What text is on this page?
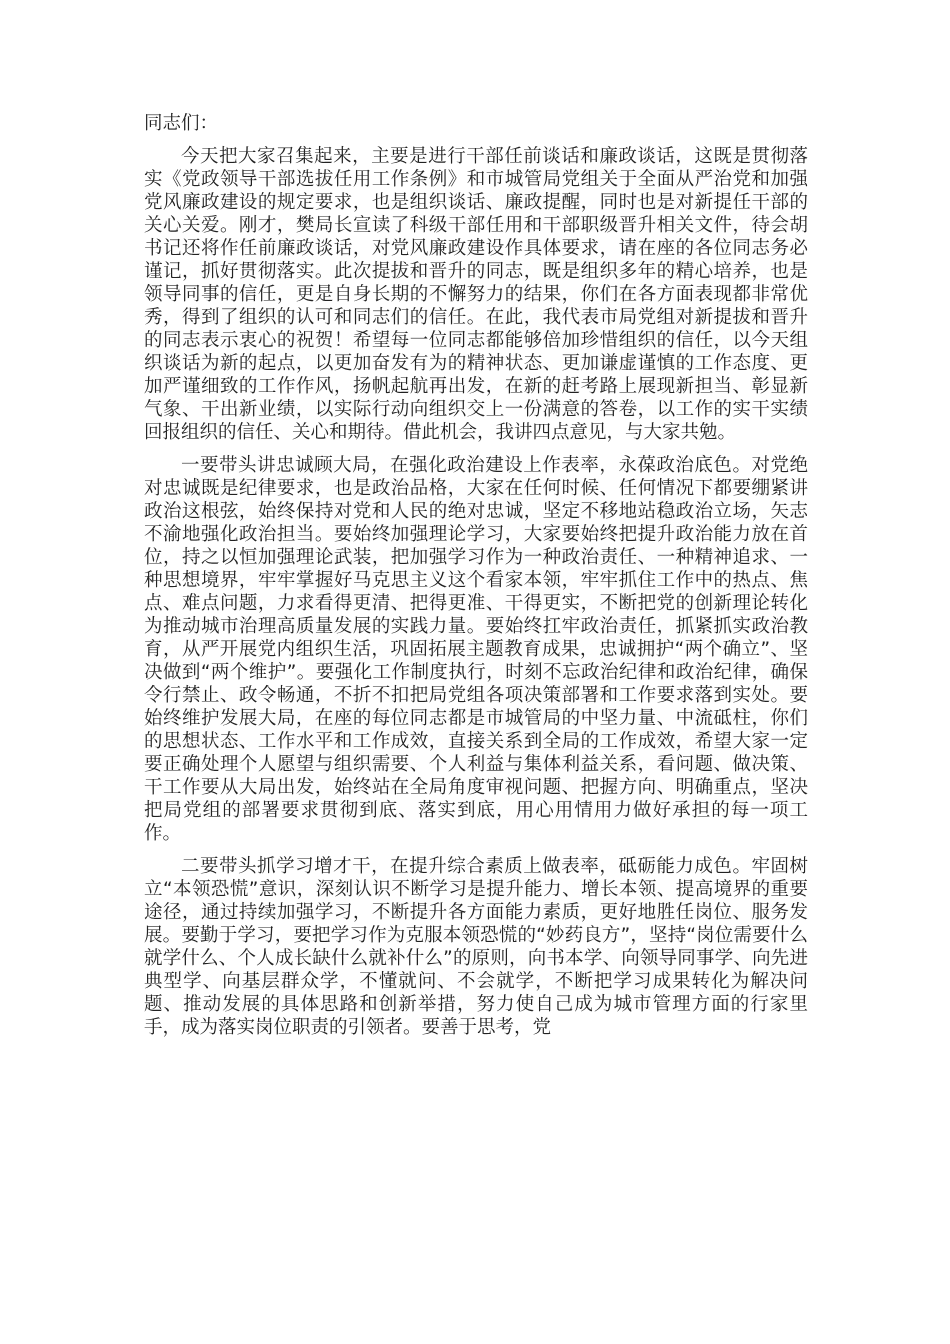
同志们：

今天把大家召集起来，主要是进行干部任前谈话和廉政谈话，这既是贯彻落实《党政领导干部选拔任用工作条例》和市城管局党组关于全面从严治党和加强党风廉政建设的规定要求，也是组织谈话、廉政提醒，同时也是对新提任干部的关心关爱。刚才，樊局长宣读了科级干部任用和干部职级晋升相关文件，待会胡书记还将作任前廉政谈话，对党风廉政建设作具体要求，请在座的各位同志务必谨记，抓好贯彻落实。此次提拔和晋升的同志，既是组织多年的精心培养，也是领导同事的信任，更是自身长期的不懈努力的结果，你们在各方面表现都非常优秀，得到了组织的认可和同志们的信任。在此，我代表市局党组对新提拔和晋升的同志表示衷心的祝贺！希望每一位同志都能够倍加珍惜组织的信任，以今天组织谈话为新的起点，以更加奋发有为的精神状态、更加谦虚谨慎的工作态度、更加严谨细致的工作作风，扬帆起航再出发，在新的赶考路上展现新担当、彰显新气象、干出新业绩，以实际行动向组织交上一份满意的答卷，以工作的实干实绩回报组织的信任、关心和期待。借此机会，我讲四点意见，与大家共勉。

一要带头讲忠诚顾大局，在强化政治建设上作表率，永葆政治底色。对党绝对忠诚既是纪律要求，也是政治品格，大家在任何时候、任何情况下都要绷紧讲政治这根弦，始终保持对党和人民的绝对忠诚，坚定不移地站稳政治立场，矢志不渝地强化政治担当。要始终加强理论学习，大家要始终把提升政治能力放在首位，持之以恒加强理论武装，把加强学习作为一种政治责任、一种精神追求、一种思想境界，牢牢掌握好马克思主义这个看家本领，牢牢抓住工作中的热点、焦点、难点问题，力求看得更清、把得更准、干得更实，不断把党的创新理论转化为推动城市治理高质量发展的实践力量。要始终扛牢政治责任，抓紧抓实政治教育，从严开展党内组织生活，巩固拓展主题教育成果，忠诚拥护“两个确立”、坚决做到“两个维护”。要强化工作制度执行，时刻不忘政治纪律和政治纪律，确保令行禁止、政令畅通，不折不扣把局党组各项决策部署和工作要求落到实处。要始终维护发展大局，在座的每位同志都是市城管局的中坚力量、中流砥柱，你们的思想状态、工作水平和工作成效，直接关系到全局的工作成效，希望大家一定要正确处理个人愿望与组织需要、个人利益与集体利益关系，看问题、做决策、干工作要从大局出发，始终站在全局角度审视问题、把握方向、明确重点，坚决把局党组的部署要求贯彻到底、落实到底，用心用情用力做好承担的每一项工作。

二要带头抓学习增才干，在提升综合素质上做表率，砥砺能力成色。牢固树立“本领恐慌”意识，深刻认识不断学习是提升能力、增长本领、提高境界的重要途径，通过持续加强学习，不断提升各方面能力素质，更好地胜任岗位、服务发展。要勤于学习，要把学习作为克服本领恐慌的“妙药良方”，坚持“岗位需要什么就学什么、个人成长缺什么就补什么”的原则，向书本学、向领导同事学、向先进典型学、向基层群众学，不懂就问、不会就学，不断把学习成果转化为解决问题、推动发展的具体思路和创新举措，努力使自己成为城市管理方面的行家里手，成为落实岗位职责的引领者。要善于思考，党
